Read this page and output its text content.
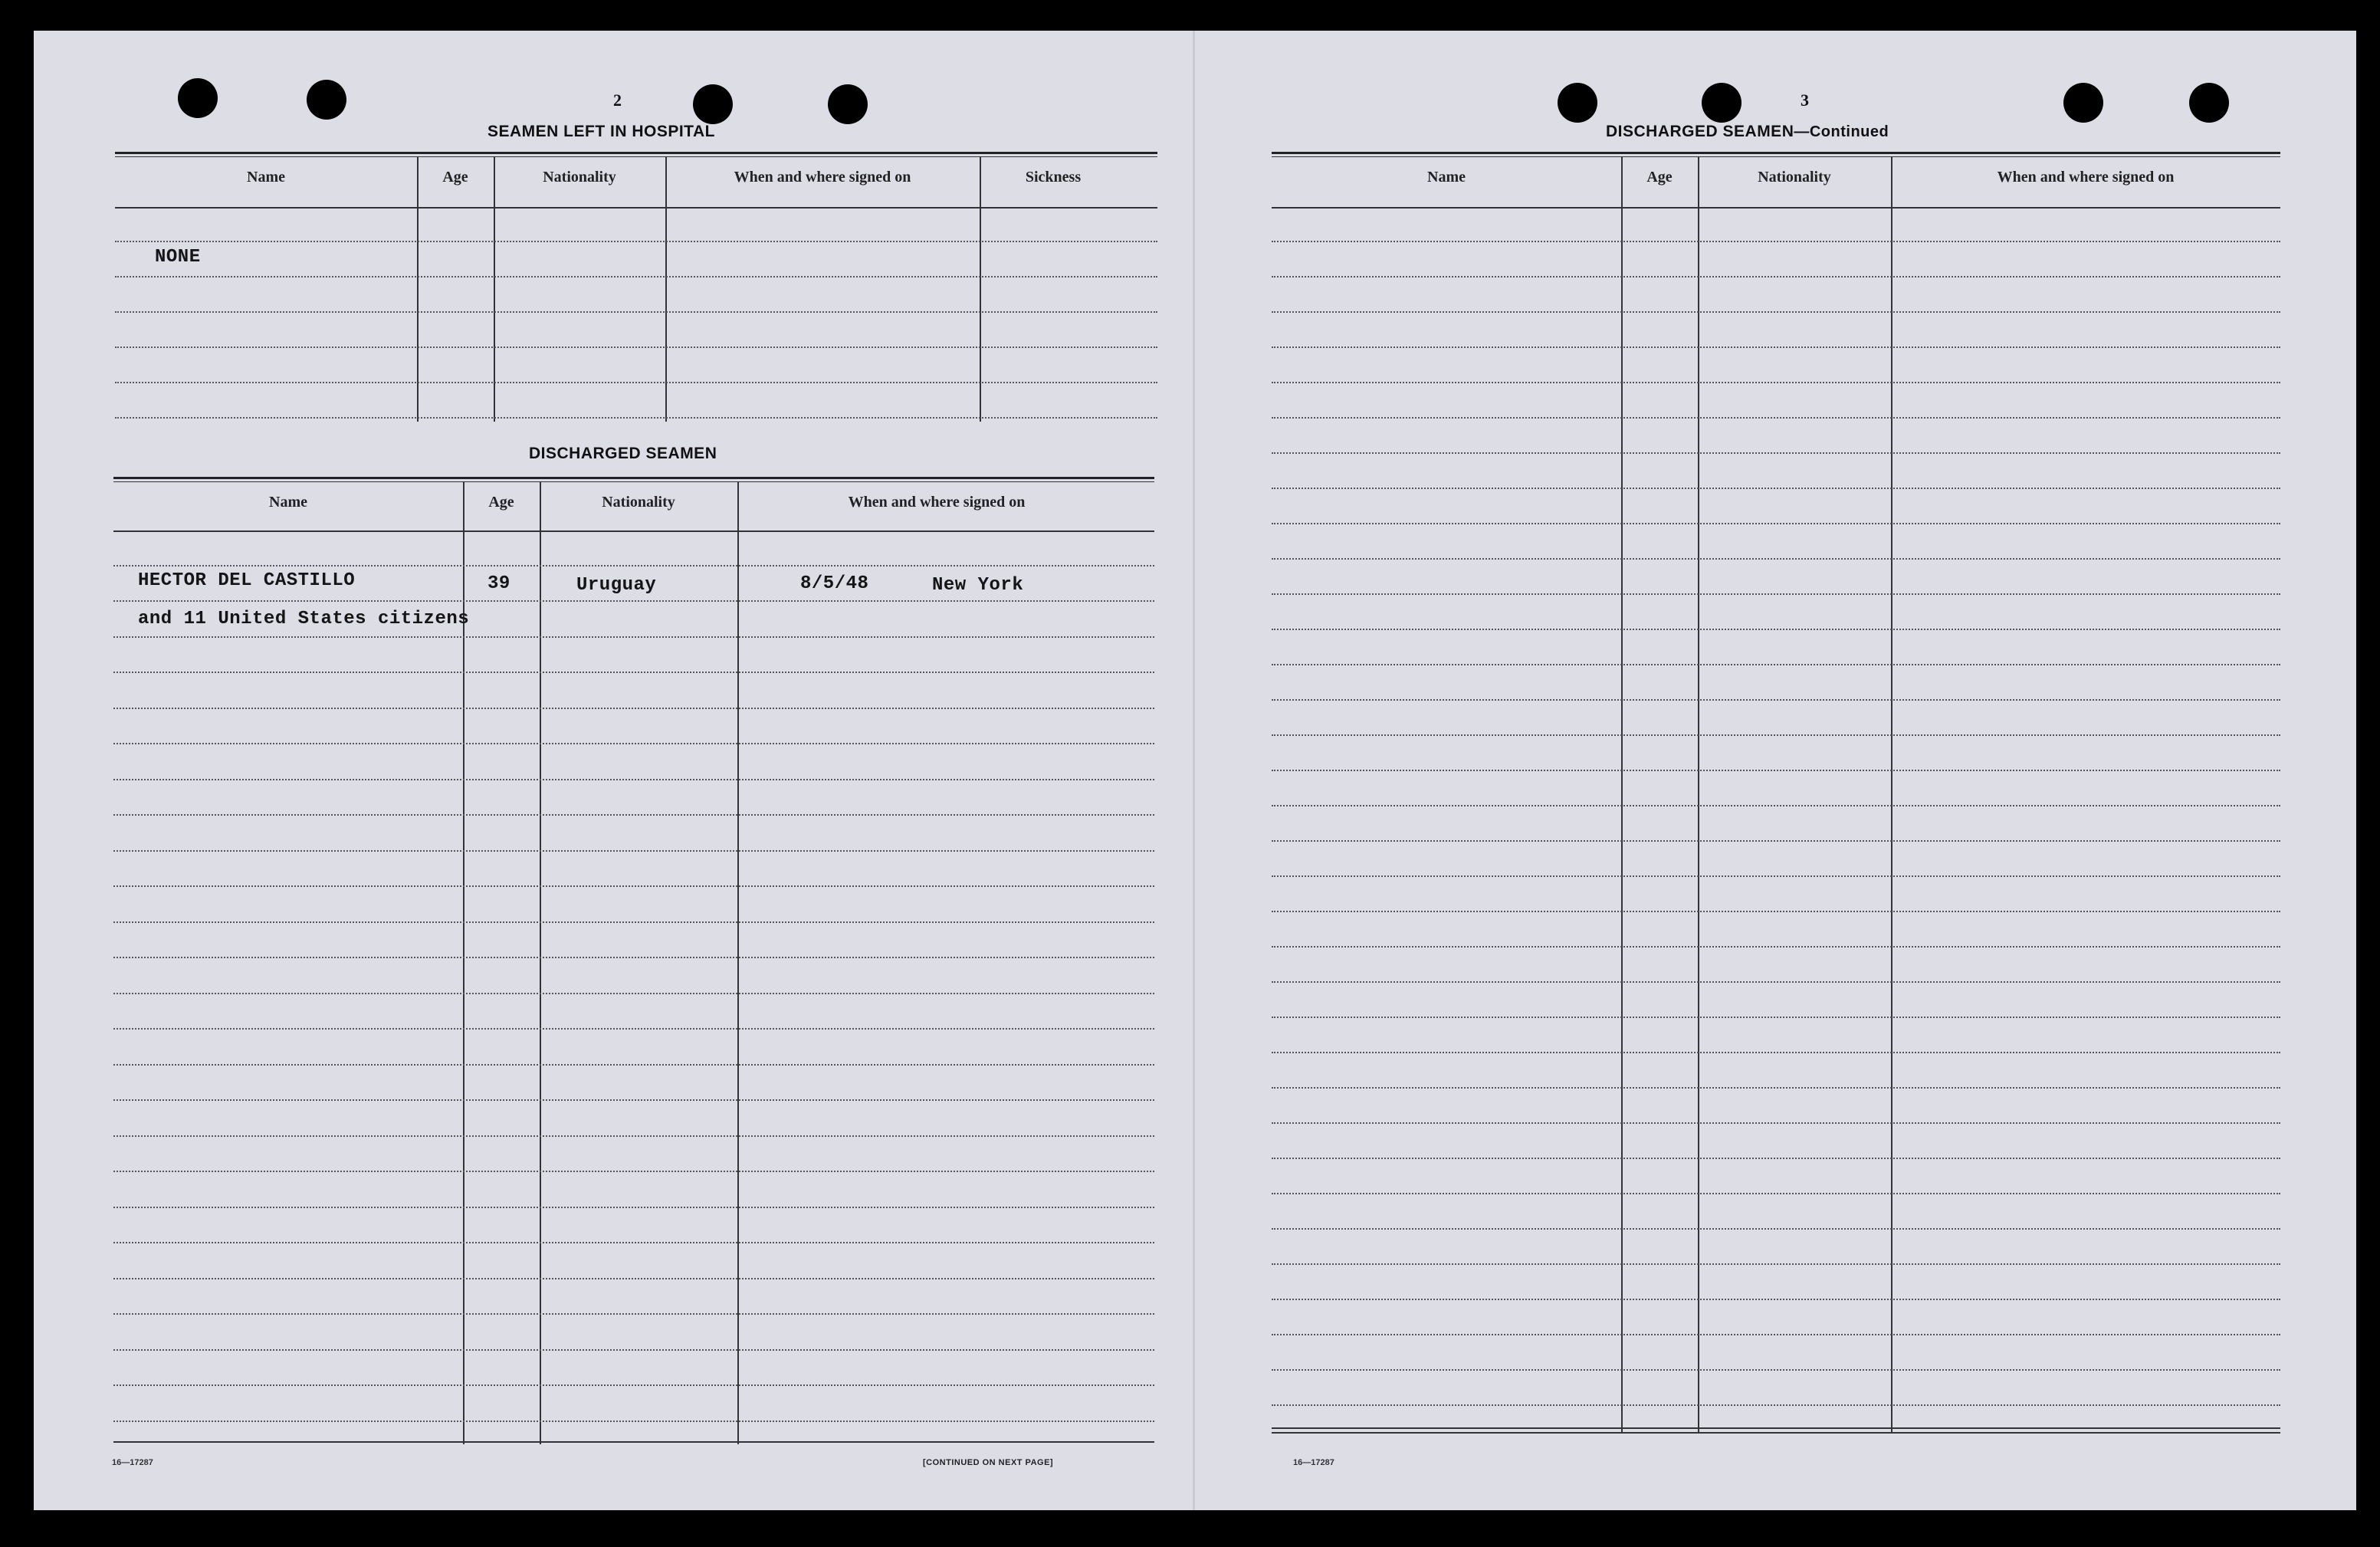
2
SEAMEN LEFT IN HOSPITAL
Name	Age	Nationality	When and where signed on	Sickness
NONE
DISCHARGED SEAMEN
Name	Age	Nationality	When and where signed on
HECTOR DEL CASTILLO	39	Uruguay	8/5/48	New York
and 11 United States citizens
16—17287	[CONTINUED ON NEXT PAGE]
3
DISCHARGED SEAMEN—Continued
Name	Age	Nationality	When and where signed on
16—17287
